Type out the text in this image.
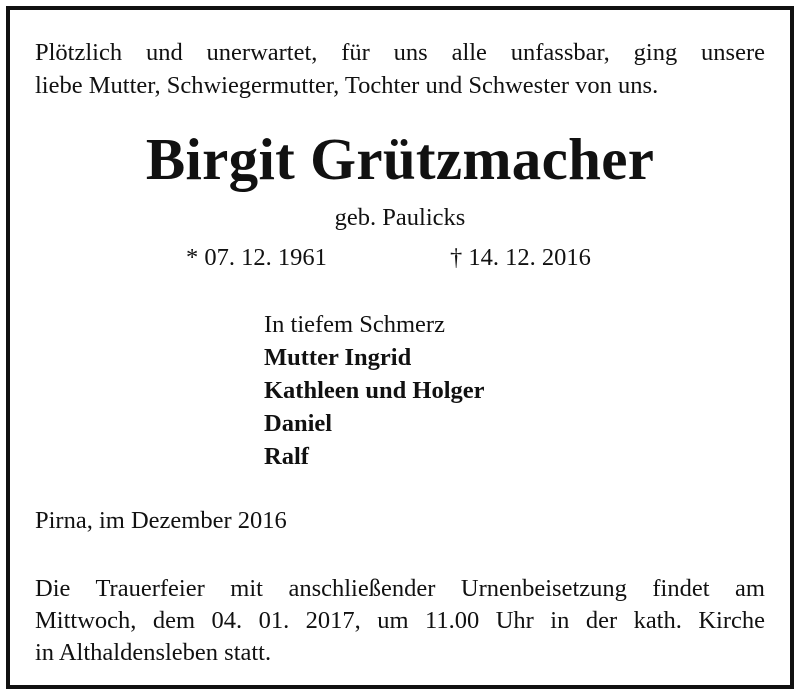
Plötzlich und unerwartet, für uns alle unfassbar, ging unsere
liebe Mutter, Schwiegermutter, Tochter und Schwester von uns.
Birgit Grützmacher
geb. Paulicks
* 07. 12. 1961	† 14. 12. 2016
In tiefem Schmerz
Mutter Ingrid
Kathleen und Holger
Daniel
Ralf
Pirna, im Dezember 2016
Die Trauerfeier mit anschließender Urnenbeisetzung findet am
Mittwoch, dem 04. 01. 2017, um 11.00 Uhr in der kath. Kirche
in Althaldensleben statt.
